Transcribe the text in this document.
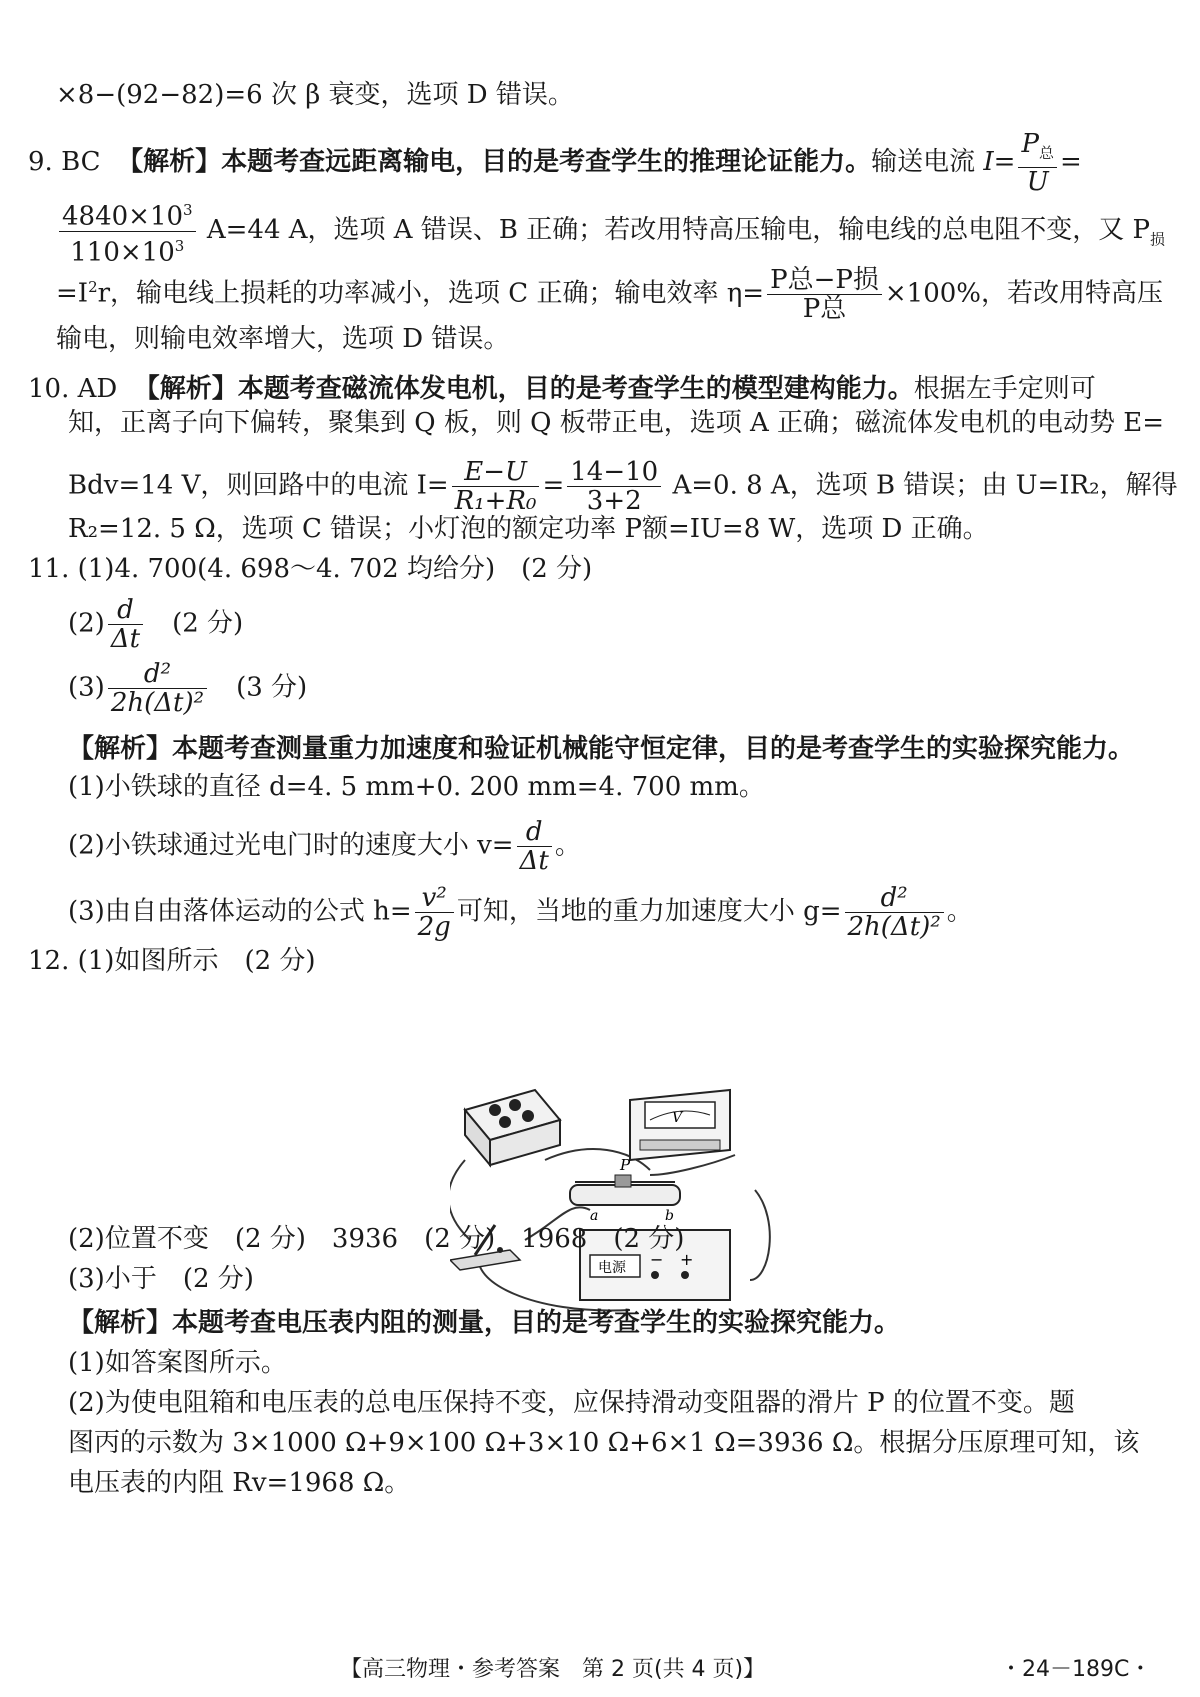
×8−(92−82)=6 次 β 衰变，选项 D 错误。
9. BC 【解析】本题考查远距离输电，目的是考查学生的推理论证能力。输送电流 $I= \frac{P_总}{U}$ =
$\frac{4840\times 10^3}{110\times 10^3} A=44$ A，选项 A 错误、B 正确；若改用特高压输电，输电线的总电阻不变，又 $P_损$
$=I^2r$，输电线上损耗的功率减小，选项 C 正确；输电效率 $\eta= \frac{\text{P总−P损}}{\text{P总}} \times 100\%$，若改用特高压
输电，则输电效率增大，选项 D 错误。
10. AD 【解析】本题考查磁流体发电机，目的是考查学生的模型建构能力。根据左手定则可
知，正离子向下偏转，聚集到 Q 板，则 Q 板带正电，选项 A 正确；磁流体发电机的电动势 E=
Bdv=14 V，则回路中的电流 $I= \frac{E-U}{\text{R₁+R₀}} = \frac{14-10}{3+2} A=0$. 8 A，选项 B 错误；由 U=IR₂，解得
R₂=12. 5 Ω，选项 C 错误；小灯泡的额定功率 P额=IU=8 W，选项 D 正确。
11. (1)4. 700(4. 698～4. 702 均给分)　(2 分)
$(2) \frac{d}{\Delta t}$ 　(2 分)
$(3) \frac{\text{d²}}{\text{2h(Δt)²}}$ 　(3 分)
【解析】本题考查测量重力加速度和验证机械能守恒定律，目的是考查学生的实验探究能力。
(1)小铁球的直径 d=4. 5 mm+0. 200 mm=4. 700 mm。
(2)小铁球通过光电门时的速度大小 $v= \frac{d}{\Delta t}$ 。
(3)由自由落体运动的公式 $h= \frac{\text{v²}}{2g}$ 可知，当地的重力加速度大小 $g= \frac{\text{d²}}{\text{2h(Δt)²}}$ 。
12. (1)如图所示　(2 分)
V
P
a	b
电源 − +
(2)位置不变　(2 分)　3936　(2 分)　1968　(2 分)
(3)小于　(2 分)
【解析】本题考查电压表内阻的测量，目的是考查学生的实验探究能力。
(1)如答案图所示。
(2)为使电阻箱和电压表的总电压保持不变，应保持滑动变阻器的滑片 P 的位置不变。题
图丙的示数为 3×1000 Ω+9×100 Ω+3×10 Ω+6×1 Ω=3936 Ω。根据分压原理可知，该
电压表的内阻 Rv=1968 Ω。
【高三物理・参考答案　第 2 页(共 4 页)】	・24－189C・
